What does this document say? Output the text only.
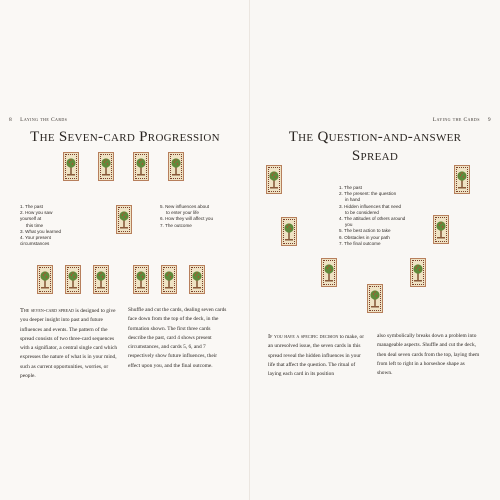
8 Laying the Cards
The Seven-card Progression
1. The past
2. How you saw yourself at
this time
3. What you learned
4. Your present circumstances
5. New influences about
to enter your life
6. How they will affect you
7. The outcome

The seven-card spread is designed to give you deeper insight into past and future influences and events. The pattern of the spread consists of two three-card sequences with a signifiator, a central single card which expresses the nature of what is in your mind, such as current opportunities, worries, or people.

Shuffle and cut the cards, dealing seven cards face down from the top of the deck, in the formation shown. The first three cards describe the past, card 4 shows present circumstances, and cards 5, 6, and 7 respectively show future influences, their effect upon you, and the final outcome.

Laying the Cards 9
The Question-and-answer
Spread
1. The past
2. The present: the question
in hand
3. Hidden influences that need
to be considered
4. The attitudes of others around
you
5. The best action to take
6. Obstacles in your path
7. The final outcome

If you have a specific decision to make, or an unresolved issue, the seven cards in this spread reveal the hidden influences in your life that affect the question. The ritual of laying each card in its position

also symbolically breaks down a problem into manageable aspects. Shuffle and cut the deck, then deal seven cards from the top, laying them from left to right in a horseshoe shape as shown.
